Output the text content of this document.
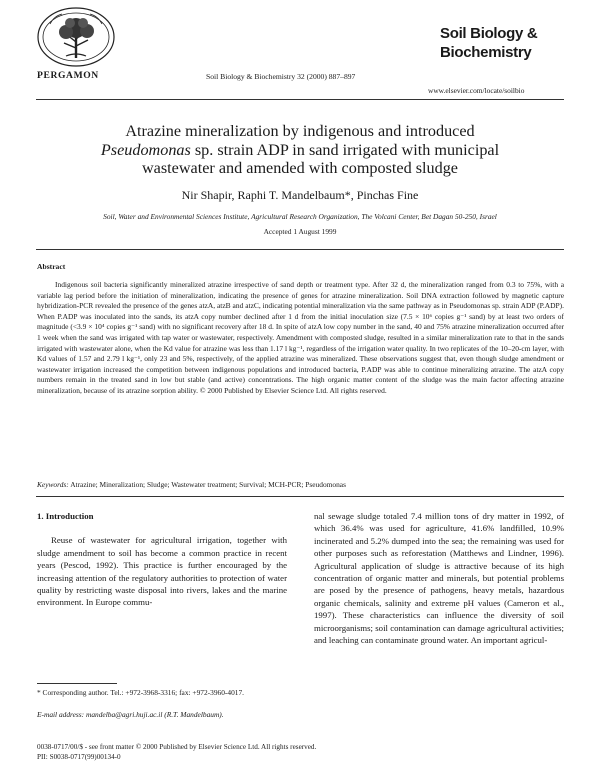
PERGAMON	Soil Biology & Biochemistry 32 (2000) 887–897
Soil Biology &
Biochemistry
www.elsevier.com/locate/soilbio
Atrazine mineralization by indigenous and introduced
Pseudomonas sp. strain ADP in sand irrigated with municipal
wastewater and amended with composted sludge
Nir Shapir, Raphi T. Mandelbaum*, Pinchas Fine
Soil, Water and Environmental Sciences Institute, Agricultural Research Organization, The Volcani Center, Bet Dagan 50-250, Israel
Accepted 1 August 1999
Abstract

Indigenous soil bacteria significantly mineralized atrazine irrespective of sand depth or treatment type. After 32 d, the mineralization ranged from 0.3 to 75%, with a variable lag period before the initiation of mineralization, indicating the presence of genes for atrazine mineralization. Soil DNA extraction followed by magnetic capture hybridization-PCR revealed the presence of the genes atzA, atzB and atzC, indicating potential mineralization via the same pathway as in Pseudomonas sp. strain ADP (P.ADP). When P.ADP was inoculated into the sands, its atzA copy number declined after 1 d from the initial inoculation size (7.5 × 10⁶ copies g⁻¹ sand) by at least two orders of magnitude (<3.9 × 10⁴ copies g⁻¹ sand) with no significant recovery after 18 d. In spite of atzA low copy number in the sand, 40 and 75% atrazine mineralization occurred after 1 week when the sand was irrigated with tap water or wastewater, respectively. Amendment with composted sludge, resulted in a similar mineralization rate to that in the sands irrigated with wastewater alone, when the Kd value for atrazine was less than 1.17 l kg⁻¹, regardless of the irrigation water quality. In two replicates of the 10–20-cm layer, with Kd values of 1.57 and 2.79 l kg⁻¹, only 23 and 5%, respectively, of the applied atrazine was mineralized. These observations suggest that, even though sludge amendment or wastewater irrigation increased the competition between indigenous populations and introduced bacteria, P.ADP was able to continue mineralizing atrazine. The atzA copy numbers remain in the treated sand in low but stable (and active) concentrations. The high organic matter content of the sludge was the main factor affecting atrazine mineralization, because of its atrazine sorption ability. © 2000 Published by Elsevier Science Ltd. All rights reserved.

Keywords: Atrazine; Mineralization; Sludge; Wastewater treatment; Survival; MCH-PCR; Pseudomonas
1. Introduction

Reuse of wastewater for agricultural irrigation, together with sludge amendment to soil has become a common practice in recent years (Pescod, 1992). This practice is further encouraged by the increasing attention of the regulatory authorities to protection of water quality by restricting waste disposal into rivers, lakes and the marine environment. In Europe commu-

nal sewage sludge totaled 7.4 million tons of dry matter in 1992, of which 36.4% was used for agriculture, 41.6% landfilled, 10.9% incinerated and 5.2% dumped into the sea; the remaining was used for other purposes such as reforestation (Matthews and Lindner, 1996). Agricultural application of sludge is attractive because of its high concentration of organic matter and minerals, but potential problems are posed by the presence of pathogens, heavy metals, hazardous organic chemicals, salinity and extreme pH values (Cameron et al., 1997). These characteristics can influence the diversity of soil microorganisms; soil contamination can damage agricultural activities; and leaching can contaminate ground water. An important agricul-

* Corresponding author. Tel.: +972-3968-3316; fax: +972-3960-4017.

E-mail address: mandelba@agri.huji.ac.il (R.T. Mandelbaum).

0038-0717/00/$ - see front matter © 2000 Published by Elsevier Science Ltd. All rights reserved.
PII: S0038-0717(99)00134-0
